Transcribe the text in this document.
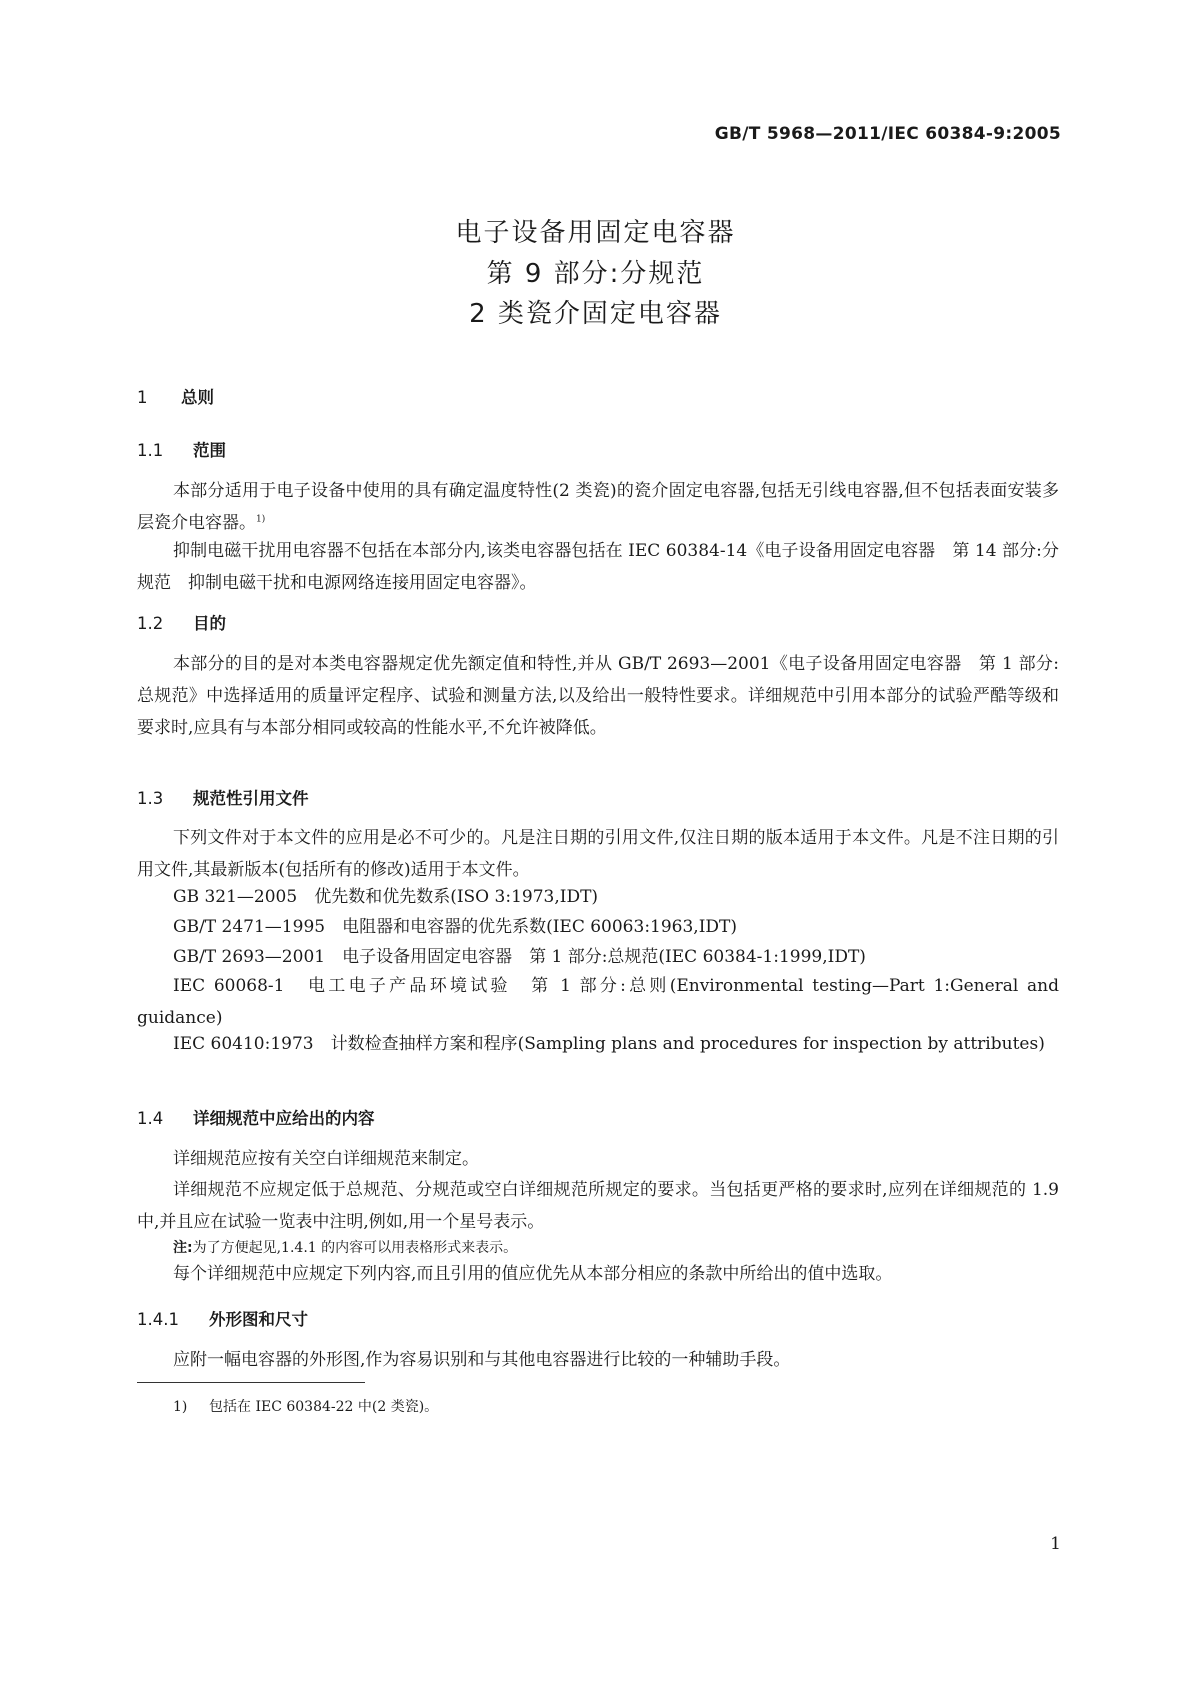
GB/T 5968—2011/IEC 60384-9:2005
电子设备用固定电容器
第 9 部分:分规范
2 类瓷介固定电容器
1 总则
1.1 范围

本部分适用于电子设备中使用的具有确定温度特性(2 类瓷)的瓷介固定电容器,包括无引线电容器,但不包括表面安装多层瓷介电容器。$^{1)}$

抑制电磁干扰用电容器不包括在本部分内,该类电容器包括在 IEC 60384-14《电子设备用固定电容器　第 14 部分:分规范　抑制电磁干扰和电源网络连接用固定电容器》。

1.2 目的

本部分的目的是对本类电容器规定优先额定值和特性,并从 GB/T 2693—2001《电子设备用固定电容器　第 1 部分:总规范》中选择适用的质量评定程序、试验和测量方法,以及给出一般特性要求。详细规范中引用本部分的试验严酷等级和要求时,应具有与本部分相同或较高的性能水平,不允许被降低。

1.3 规范性引用文件

下列文件对于本文件的应用是必不可少的。凡是注日期的引用文件,仅注日期的版本适用于本文件。凡是不注日期的引用文件,其最新版本(包括所有的修改)适用于本文件。

GB 321—2005　优先数和优先数系(ISO 3:1973,IDT)

GB/T 2471—1995　电阻器和电容器的优先系数(IEC 60063:1963,IDT)

GB/T 2693—2001　电子设备用固定电容器　第 1 部分:总规范(IEC 60384-1:1999,IDT)

IEC 60068-1　电工电子产品环境试验　第 1 部分:总则(Environmental testing—Part 1:General and guidance)

IEC 60410:1973　计数检查抽样方案和程序(Sampling plans and procedures for inspection by attributes)

1.4 详细规范中应给出的内容

详细规范应按有关空白详细规范来制定。

详细规范不应规定低于总规范、分规范或空白详细规范所规定的要求。当包括更严格的要求时,应列在详细规范的 1.9 中,并且应在试验一览表中注明,例如,用一个星号表示。

注:为了方便起见,1.4.1 的内容可以用表格形式来表示。

每个详细规范中应规定下列内容,而且引用的值应优先从本部分相应的条款中所给出的值中选取。

1.4.1 外形图和尺寸

应附一幅电容器的外形图,作为容易识别和与其他电容器进行比较的一种辅助手段。

1) 包括在 IEC 60384-22 中(2 类瓷)。
1
